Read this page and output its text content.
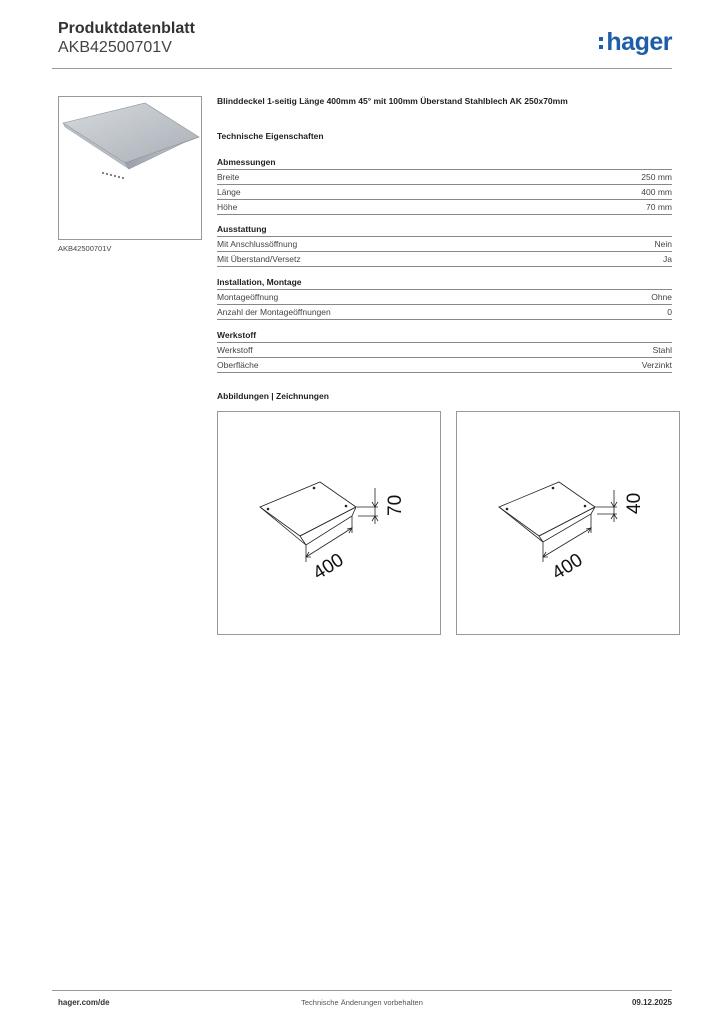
Produktdatenblatt
AKB42500701V	hager
AKB42500701V
Blinddeckel 1-seitig Länge 400mm 45° mit 100mm Überstand Stahlblech AK 250x70mm
Technische Eigenschaften
Abmessungen
Breite	250 mm
Länge	400 mm
Höhe	70 mm
Ausstattung
Mit Anschlussöffnung	Nein
Mit Überstand/Versetz	Ja
Installation, Montage
Montageöffnung	Ohne
Anzahl der Montageöffnungen	0
Werkstoff
Werkstoff	Stahl
Oberfläche	Verzinkt
Abbildungen | Zeichnungen
400
70
400
40
hager.com/de	Technische Änderungen vorbehalten	09.12.2025
